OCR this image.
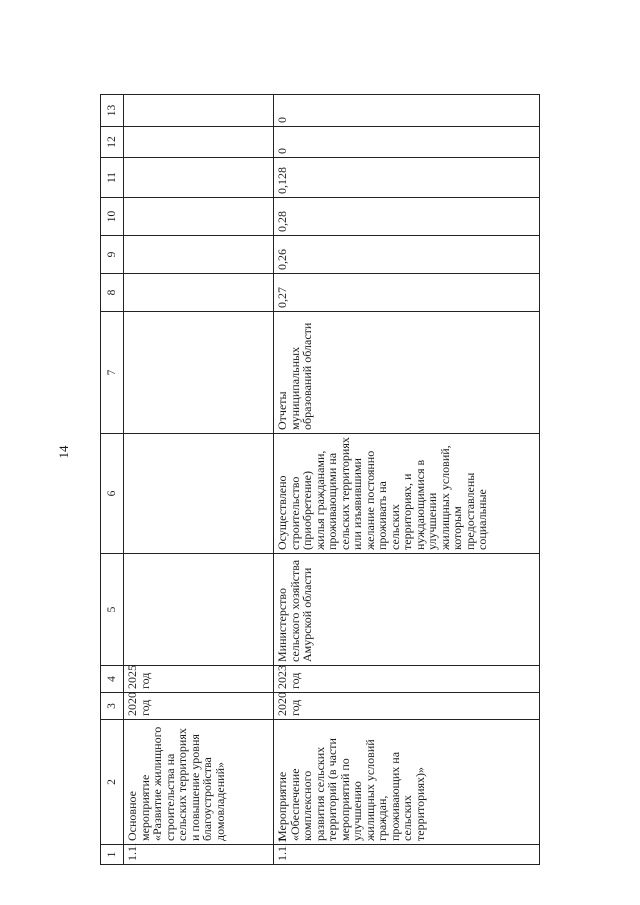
14
1	2	3	4	5	6	7	8	9	10	11	12	13
1.1.	Основное мероприятие «Развитие жилищного строительства на сельских территориях и повышение уровня благоустройства домовладений»	2020 год	2025 год									
1.1.1	Мероприятие «Обеспечение комплексного развития сельских территорий (в части мероприятий по улучшению жилищных условий граждан, проживающих на сельских территориях)»	2020 год	2023 год	Министерство сельского хозяйства Амурской области	Осуществлено строительство (приобретение) жилья гражданами, проживающими на сельских территориях или изъявившими желание постоянно проживать на сельских территориях, и нуждающимися в улучшении жилищных условий, которым предоставлены социальные	Отчеты муниципальных образований области	0,27	0,26	0,28	0,128	0	0
